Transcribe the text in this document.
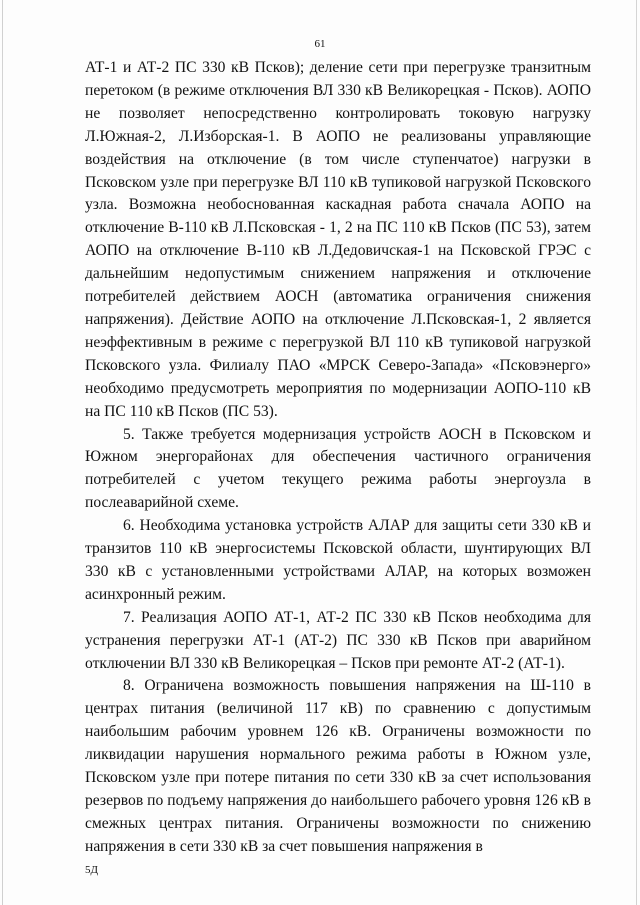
61

АТ-1 и АТ-2 ПС 330 кВ Псков); деление сети при перегрузке транзитным перетоком (в режиме отключения ВЛ 330 кВ Великорецкая - Псков). АОПО не позволяет непосредственно контролировать токовую нагрузку Л.Южная-2, Л.Изборская-1. В АОПО не реализованы управляющие воздействия на отключение (в том числе ступенчатое) нагрузки в Псковском узле при перегрузке ВЛ 110 кВ тупиковой нагрузкой Псковского узла. Возможна необоснованная каскадная работа сначала АОПО на отключение В-110 кВ Л.Псковская - 1, 2 на ПС 110 кВ Псков (ПС 53), затем АОПО на отключение В-110 кВ Л.Дедовичская-1 на Псковской ГРЭС с дальнейшим недопустимым снижением напряжения и отключение потребителей действием АОСН (автоматика ограничения снижения напряжения). Действие АОПО на отключение Л.Псковская-1, 2 является неэффективным в режиме с перегрузкой ВЛ 110 кВ тупиковой нагрузкой Псковского узла. Филиалу ПАО «МРСК Северо-Запада» «Псковэнерго» необходимо предусмотреть мероприятия по модернизации АОПО-110 кВ на ПС 110 кВ Псков (ПС 53).

5. Также требуется модернизация устройств АОСН в Псковском и Южном энергорайонах для обеспечения частичного ограничения потребителей с учетом текущего режима работы энергоузла в послеаварийной схеме.

6. Необходима установка устройств АЛАР для защиты сети 330 кВ и транзитов 110 кВ энергосистемы Псковской области, шунтирующих ВЛ 330 кВ с установленными устройствами АЛАР, на которых возможен асинхронный режим.

7. Реализация АОПО АТ-1, АТ-2 ПС 330 кВ Псков необходима для устранения перегрузки АТ-1 (АТ-2) ПС 330 кВ Псков при аварийном отключении ВЛ 330 кВ Великорецкая – Псков при ремонте АТ-2 (АТ-1).

8. Ограничена возможность повышения напряжения на Ш-110 в центрах питания (величиной 117 кВ) по сравнению с допустимым наибольшим рабочим уровнем 126 кВ. Ограничены возможности по ликвидации нарушения нормального режима работы в Южном узле, Псковском узле при потере питания по сети 330 кВ за счет использования резервов по подъему напряжения до наибольшего рабочего уровня 126 кВ в смежных центрах питания. Ограничены возможности по снижению напряжения в сети 330 кВ за счет повышения напряжения в

5Д
